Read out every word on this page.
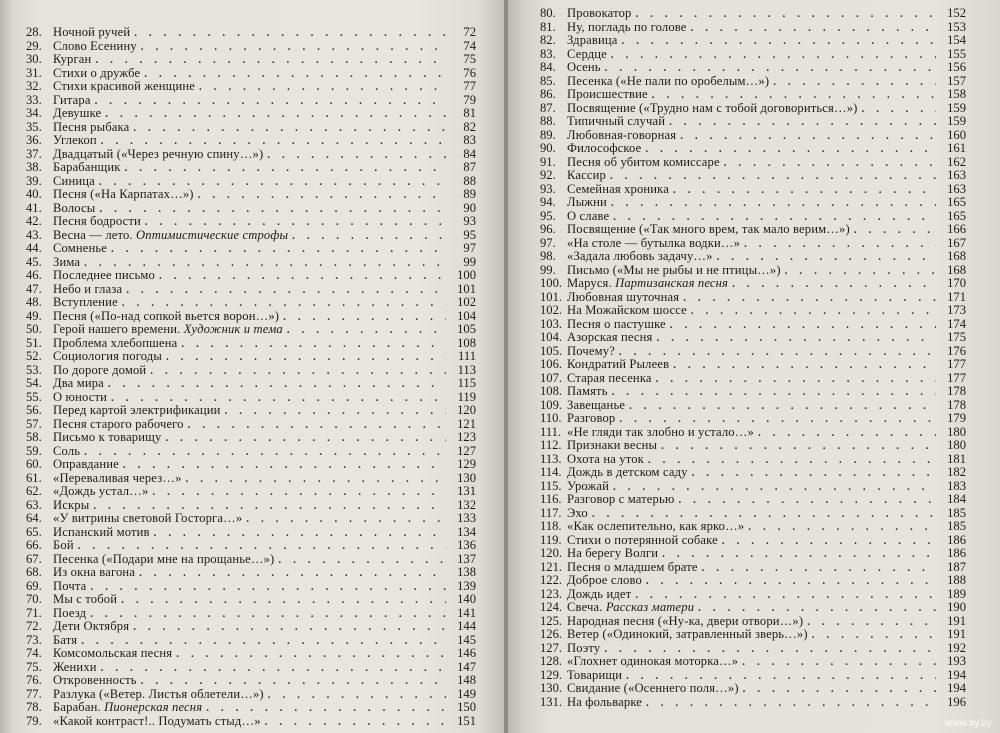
28. Ночной ручей . . .	72
29. Слово Есенину . . .	74
30. Курган . . .	75
31. Стихи о дружбе . . .	76
32. Стихи красивой женщине . . .	77
33. Гитара . . .	79
34. Девушке . . .	81
35. Песня рыбака . . .	82
36. Углекоп . . .	83
37. Двадцатый («Через речную спину…») . . .	84
38. Барабанщик . . .	87
39. Синица . . .	88
40. Песня («На Карпатах…») . . .	89
41. Волосы . . .	90
42. Песня бодрости . . .	93
43. Весна — лето. Оптимистические строфы . . .	95
44. Сомненье . . .	97
45. Зима . . .	99
46. Последнее письмо . . .	100
47. Небо и глаза . . .	101
48. Вступление . . .	102
49. Песня («По-над сопкой вьется ворон…») . . .	104
50. Герой нашего времени. Художник и тема . . .	105
51. Проблема хлебопшена . . .	108
52. Социология погоды . . .	111
53. По дороге домой . . .	113
54. Два мира . . .	115
55. О юности . . .	119
56. Перед картой электрификации . . .	120
57. Песня старого рабочего . . .	121
58. Письмо к товарищу . . .	123
59. Соль . . .	127
60. Оправдание . . .	129
61. «Переваливая через…» . . .	130
62. «Дождь устал…» . . .	131
63. Искры . . .	132
64. «У витрины световой Госторга…» . . .	133
65. Испанский мотив . . .	134
66. Бой . . .	136
67. Песенка («Подари мне на прощанье…») . . .	137
68. Из окна вагона . . .	138
69. Почта . . .	139
70. Мы с тобой . . .	140
71. Поезд . . .	141
72. Дети Октября . . .	144
73. Батя . . .	145
74. Комсомольская песня . . .	146
75. Женихи . . .	147
76. Откровенность . . .	148
77. Разлука («Ветер. Листья облетели…») . . .	149
78. Барабан. Пионерская песня . . .	150
79. «Какой контраст!.. Подумать стыд…» . . .	151
80. Провокатор . . .	152
81. Ну, погладь по голове . . .	153
82. Здравица . . .	154
83. Сердце . . .	155
84. Осень . . .	156
85. Песенка («Не пали по оробелым…») . . .	157
86. Происшествие . . .	158
87. Посвящение («Трудно нам с тобой договориться…») . . .	159
88. Типичный случай . . .	159
89. Любовная-говорная . . .	160
90. Философское . . .	161
91. Песня об убитом комиссаре . . .	162
92. Кассир . . .	163
93. Семейная хроника . . .	163
94. Лыжни . . .	165
95. О славе . . .	165
96. Посвящение («Так много врем, так мало верим…») . . .	166
97. «На столе — бутылка водки…» . . .	167
98. «Задала любовь задачу…» . . .	168
99. Письмо («Мы не рыбы и не птицы…») . . .	168
100. Маруся. Партизанская песня . . .	170
101. Любовная шуточная . . .	171
102. На Можайском шоссе . . .	173
103. Песня о пастушке . . .	174
104. Азорская песня . . .	175
105. Почему? . . .	176
106. Кондратий Рылеев . . .	177
107. Старая песенка . . .	177
108. Память . . .	178
109. Завещанье . . .	178
110. Разговор . . .	179
111. «Не гляди так злобно и устало…» . . .	180
112. Признаки весны . . .	180
113. Охота на уток . . .	181
114. Дождь в детском саду . . .	182
115. Урожай . . .	183
116. Разговор с матерью . . .	184
117. Эхо . . .	185
118. «Как ослепительно, как ярко…» . . .	185
119. Стихи о потерянной собаке . . .	186
120. На берегу Волги . . .	186
121. Песня о младшем брате . . .	187
122. Доброе слово . . .	188
123. Дождь идет . . .	189
124. Свеча. Рассказ матери . . .	190
125. Народная песня («Ну-ка, двери отвори…») . . .	191
126. Ветер («Одинокий, затравленный зверь…») . . .	191
127. Поэту . . .	192
128. «Глохнет одинокая моторка…» . . .	193
129. Товарищи . . .	194
130. Свидание («Осеннего поля…») . . .	194
131. На фольварке . . .	196
www.ay.by
